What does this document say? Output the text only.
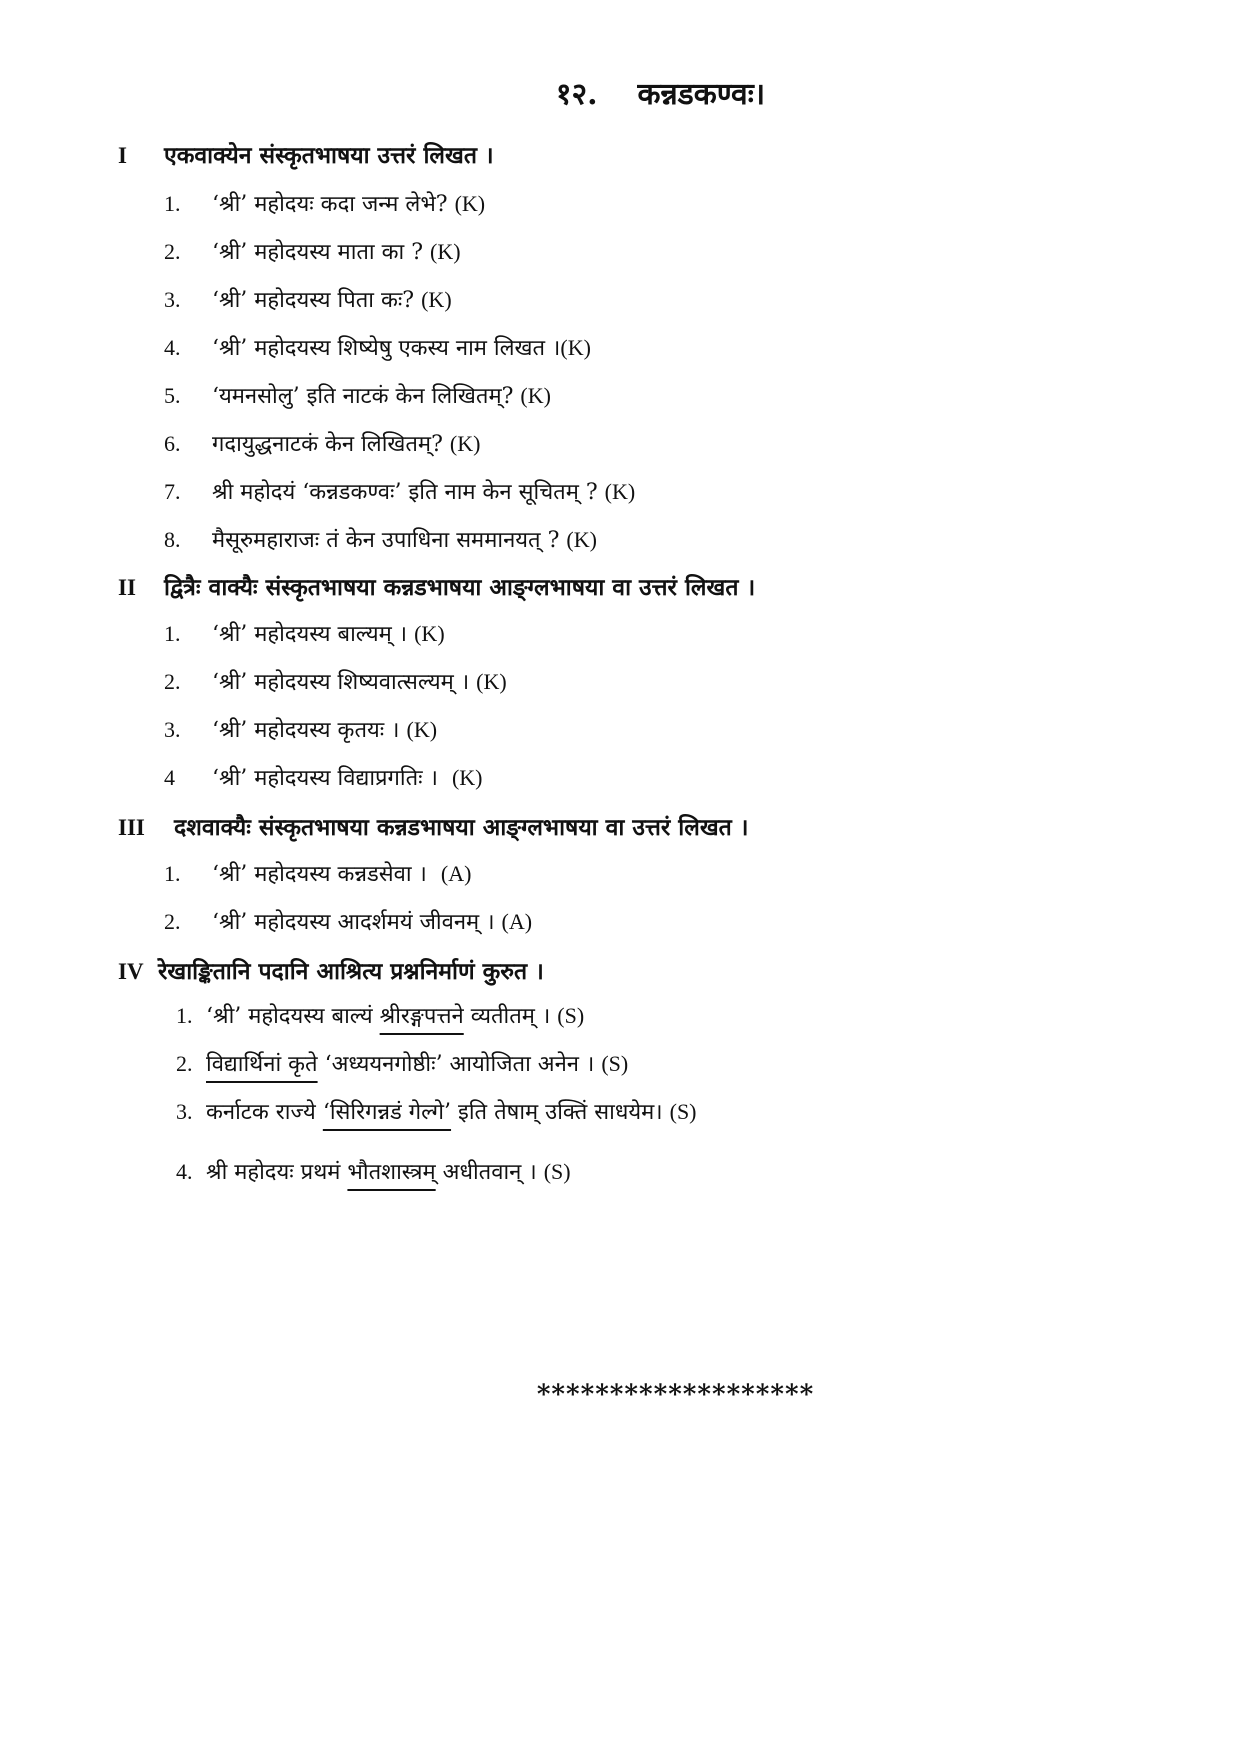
१२. कन्नडकण्वः।
I एकवाक्येन संस्कृतभाषया उत्तरं लिखत ।
1. ‘श्री’ महोदयः कदा जन्म लेभे? (K)
2. ‘श्री’ महोदयस्य माता का ? (K)
3. ‘श्री’ महोदयस्य पिता कः? (K)
4. ‘श्री’ महोदयस्य शिष्येषु एकस्य नाम लिखत ।(K)
5. ‘यमनसोलु’ इति नाटकं केन लिखितम्? (K)
6. गदायुद्धनाटकं केन लिखितम्? (K)
7. श्री महोदयं ‘कन्नडकण्वः’ इति नाम केन सूचितम् ? (K)
8. मैसूरुमहाराजः तं केन उपाधिना सममानयत् ? (K)
II द्वित्रैः वाक्यैः संस्कृतभाषया कन्नडभाषया आङ्ग्लभाषया वा उत्तरं लिखत ।
1. ‘श्री’ महोदयस्य बाल्यम् । (K)
2. ‘श्री’ महोदयस्य शिष्यवात्सल्यम् । (K)
3. ‘श्री’ महोदयस्य कृतयः । (K)
4 ‘श्री’ महोदयस्य विद्याप्रगतिः । (K)
III दशवाक्यैः संस्कृतभाषया कन्नडभाषया आङ्ग्लभाषया वा उत्तरं लिखत ।
1. ‘श्री’ महोदयस्य कन्नडसेवा । (A)
2. ‘श्री’ महोदयस्य आदर्शमयं जीवनम् । (A)
IV रेखाङ्कितानि पदानि आश्रित्य प्रश्ननिर्माणं कुरुत ।
1. ‘श्री’ महोदयस्य बाल्यं श्रीरङ्गपत्तने व्यतीतम् । (S)
2. विद्यार्थिनां कृते ‘अध्ययनगोष्ठीः’ आयोजिता अनेन । (S)
3. कर्नाटक राज्ये ‘सिरिगन्नडं गेल्गे’ इति तेषाम् उक्तिं साधयेम। (S)
4. श्री महोदयः प्रथमं भौतशास्त्रम् अधीतवान् । (S)
*******************
